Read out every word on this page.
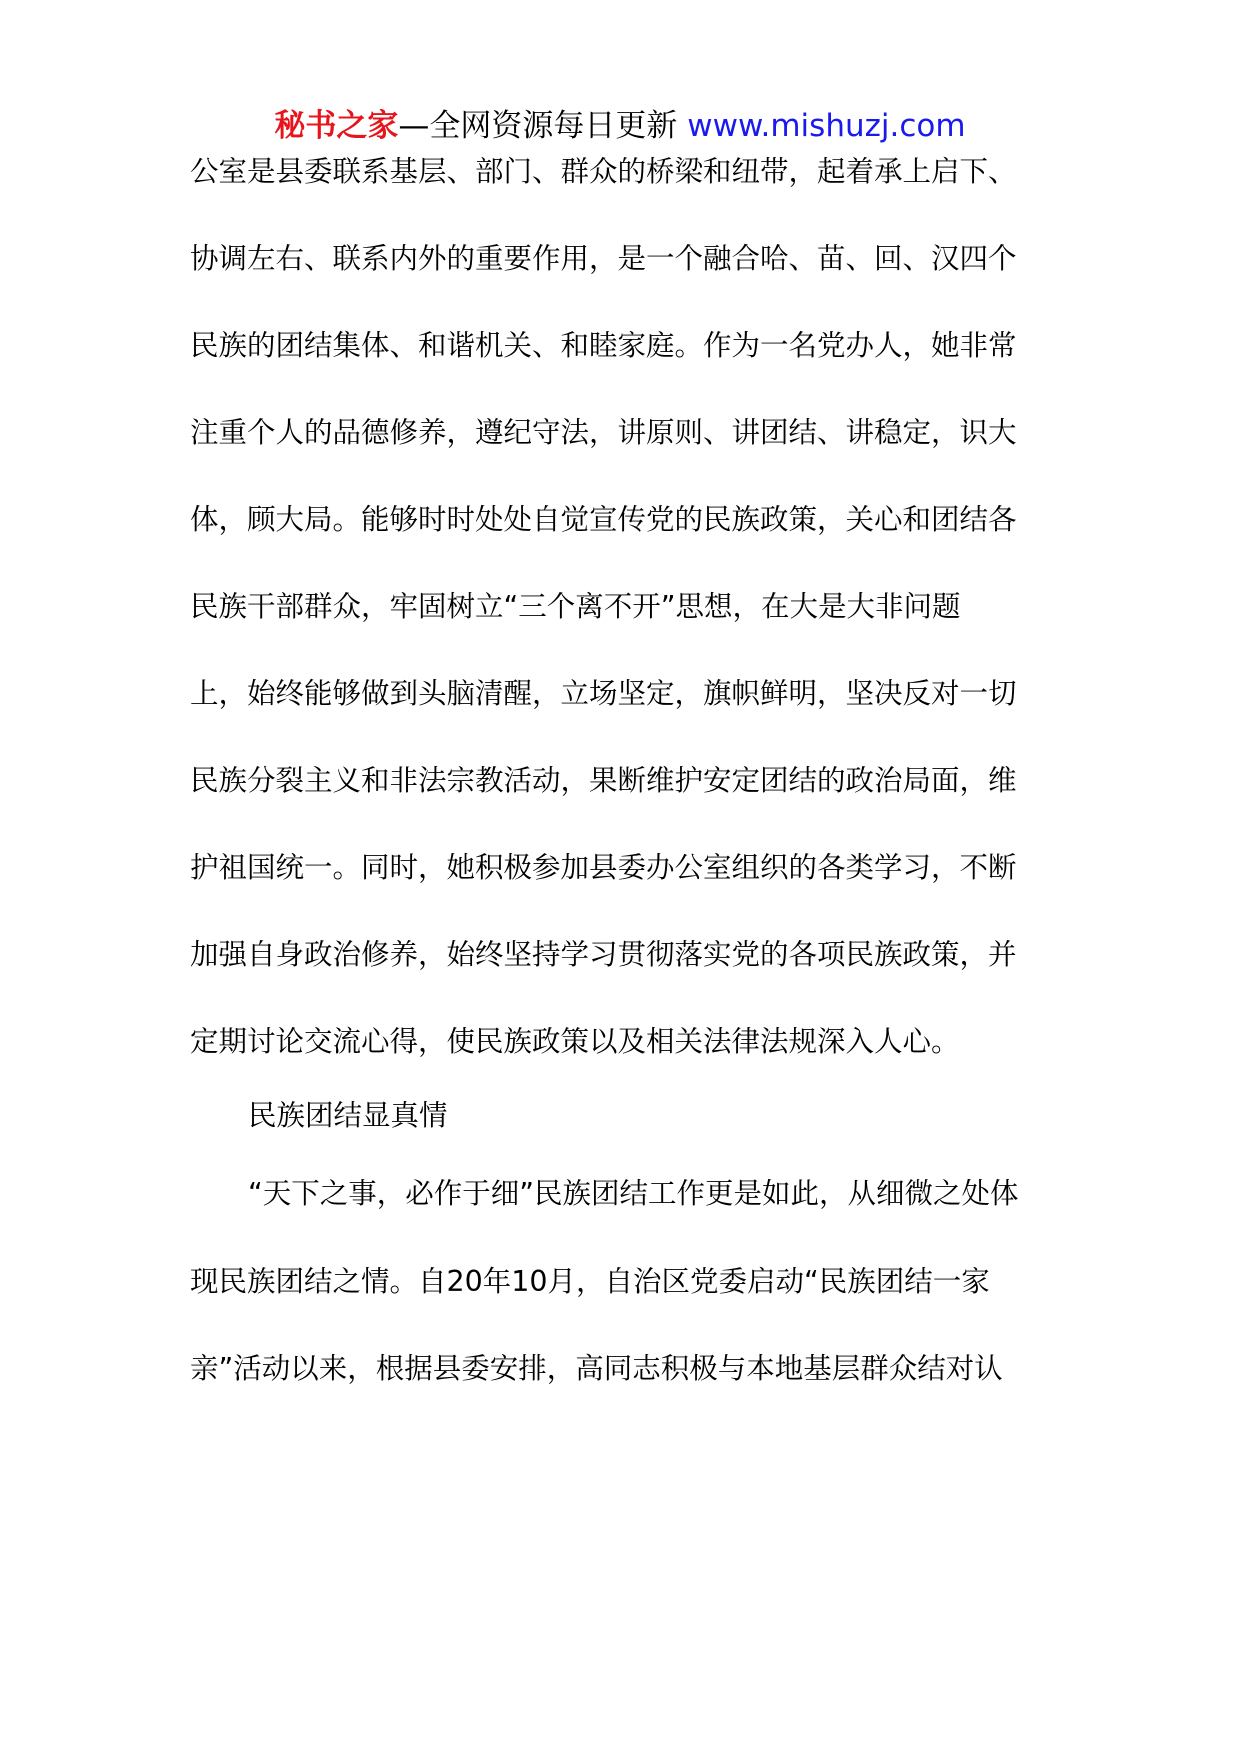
秘书之家—全网资源每日更新 www.mishuzj.com
公室是县委联系基层、部门、群众的桥梁和纽带，起着承上启下、
协调左右、联系内外的重要作用，是一个融合哈、苗、回、汉四个
民族的团结集体、和谐机关、和睦家庭。作为一名党办人，她非常
注重个人的品德修养，遵纪守法，讲原则、讲团结、讲稳定，识大
体，顾大局。能够时时处处自觉宣传党的民族政策，关心和团结各
民族干部群众，牢固树立“三个离不开”思想，在大是大非问题
上，始终能够做到头脑清醒，立场坚定，旗帜鲜明，坚决反对一切
民族分裂主义和非法宗教活动，果断维护安定团结的政治局面，维
护祖国统一。同时，她积极参加县委办公室组织的各类学习，不断
加强自身政治修养，始终坚持学习贯彻落实党的各项民族政策，并
定期讨论交流心得，使民族政策以及相关法律法规深入人心。
民族团结显真情
“天下之事，必作于细”民族团结工作更是如此，从细微之处体
现民族团结之情。自20年10月，自治区党委启动“民族团结一家
亲”活动以来，根据县委安排，高同志积极与本地基层群众结对认
